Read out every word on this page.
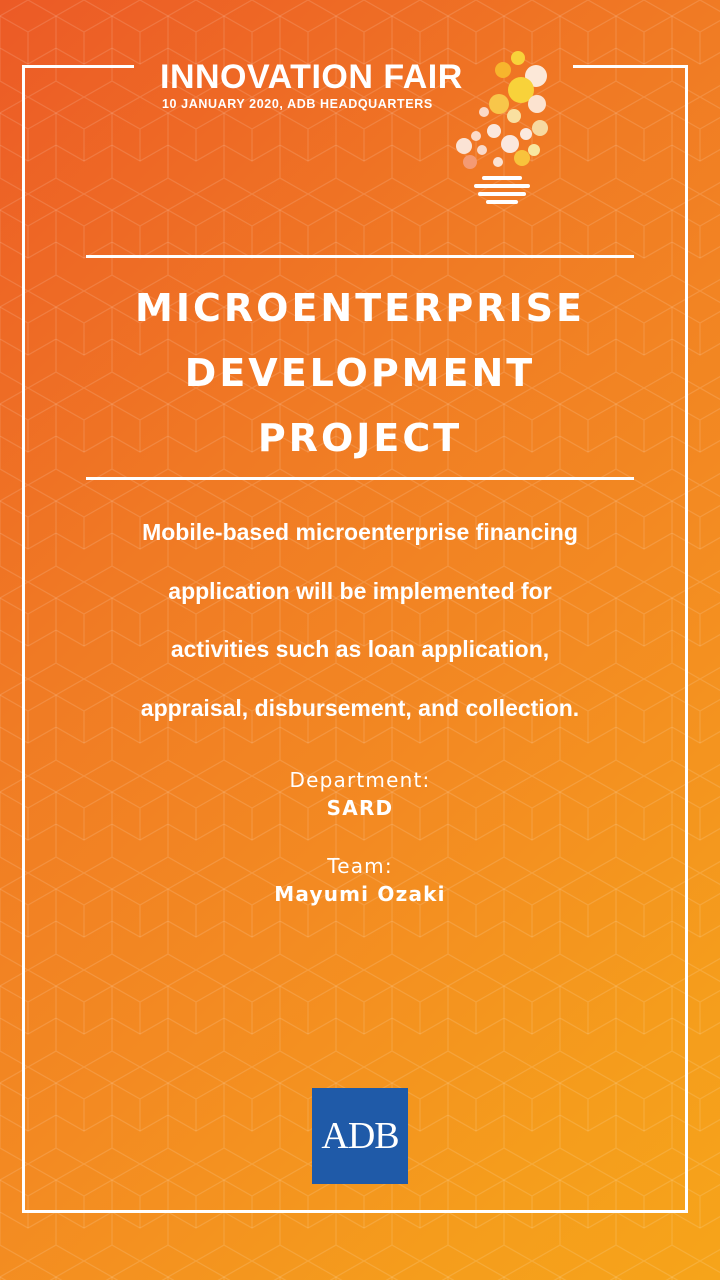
INNOVATION FAIR
10 JANUARY 2020, ADB HEADQUARTERS
MICROENTERPRISE
DEVELOPMENT
PROJECT
Mobile-based microenterprise financing
application will be implemented for
activities such as loan application,
appraisal, disbursement, and collection.
Department:
SARD
Team:
Mayumi Ozaki
ADB
